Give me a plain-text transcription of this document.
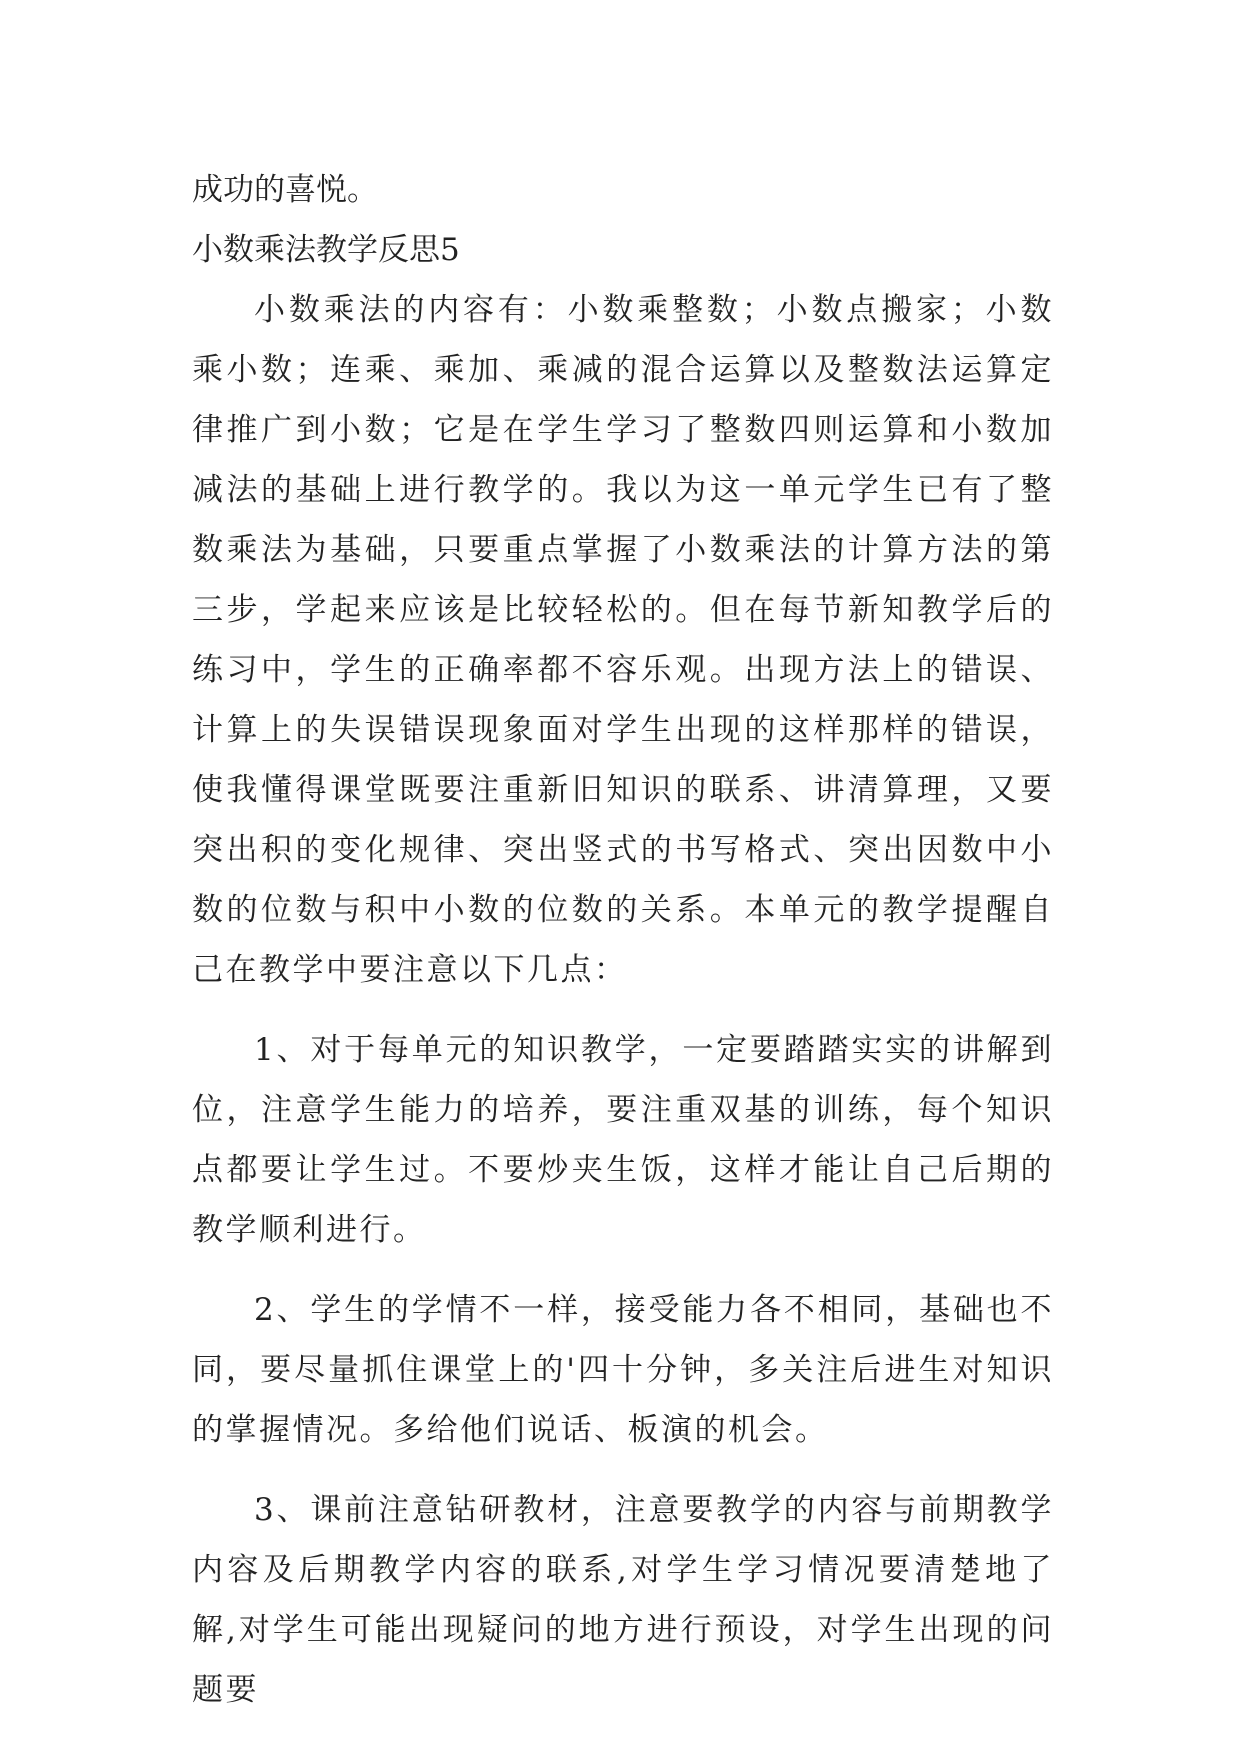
成功的喜悦。

小数乘法教学反思5

小数乘法的内容有：小数乘整数；小数点搬家；小数乘小数；连乘、乘加、乘减的混合运算以及整数法运算定律推广到小数；它是在学生学习了整数四则运算和小数加减法的基础上进行教学的。我以为这一单元学生已有了整数乘法为基础，只要重点掌握了小数乘法的计算方法的第三步，学起来应该是比较轻松的。但在每节新知教学后的练习中，学生的正确率都不容乐观。出现方法上的错误、计算上的失误错误现象面对学生出现的这样那样的错误，使我懂得课堂既要注重新旧知识的联系、讲清算理，又要突出积的变化规律、突出竖式的书写格式、突出因数中小数的位数与积中小数的位数的关系。本单元的教学提醒自己在教学中要注意以下几点：

1、对于每单元的知识教学，一定要踏踏实实的讲解到位，注意学生能力的培养，要注重双基的训练，每个知识点都要让学生过。不要炒夹生饭，这样才能让自己后期的教学顺利进行。

2、学生的学情不一样，接受能力各不相同，基础也不同，要尽量抓住课堂上的'四十分钟，多关注后进生对知识的掌握情况。多给他们说话、板演的机会。

3、课前注意钻研教材，注意要教学的内容与前期教学内容及后期教学内容的联系,对学生学习情况要清楚地了解,对学生可能出现疑问的地方进行预设，对学生出现的问题要
